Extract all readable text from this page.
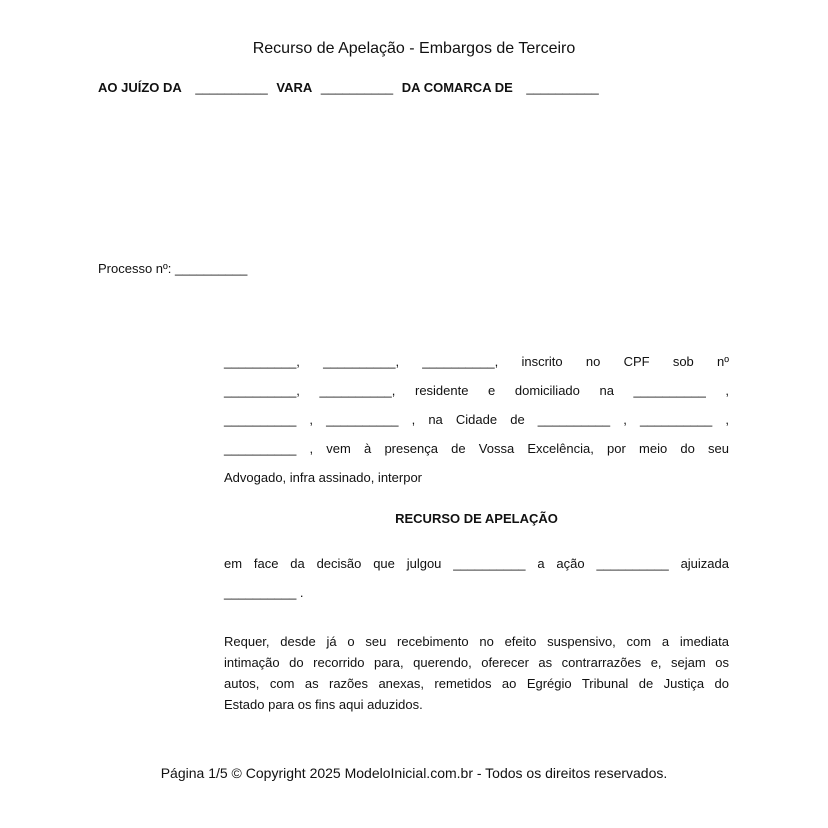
Recurso de Apelação - Embargos de Terceiro
AO JUÍZO DA __________ VARA __________ DA COMARCA DE __________
Processo nº: __________
__________, __________, __________, inscrito no CPF sob nº
__________, __________, residente e domiciliado na __________ ,
__________ , __________ , na Cidade de __________ , __________ ,
__________ , vem à presença de Vossa Excelência, por meio do seu
Advogado, infra assinado, interpor
RECURSO DE APELAÇÃO
em face da decisão que julgou __________ a ação __________ ajuizada
__________ .
Requer, desde já o seu recebimento no efeito suspensivo, com a imediata
intimação do recorrido para, querendo, oferecer as contrarrazões e, sejam os
autos, com as razões anexas, remetidos ao Egrégio Tribunal de Justiça do
Estado para os fins aqui aduzidos.
Página 1/5 © Copyright 2025 ModeloInicial.com.br - Todos os direitos reservados.
